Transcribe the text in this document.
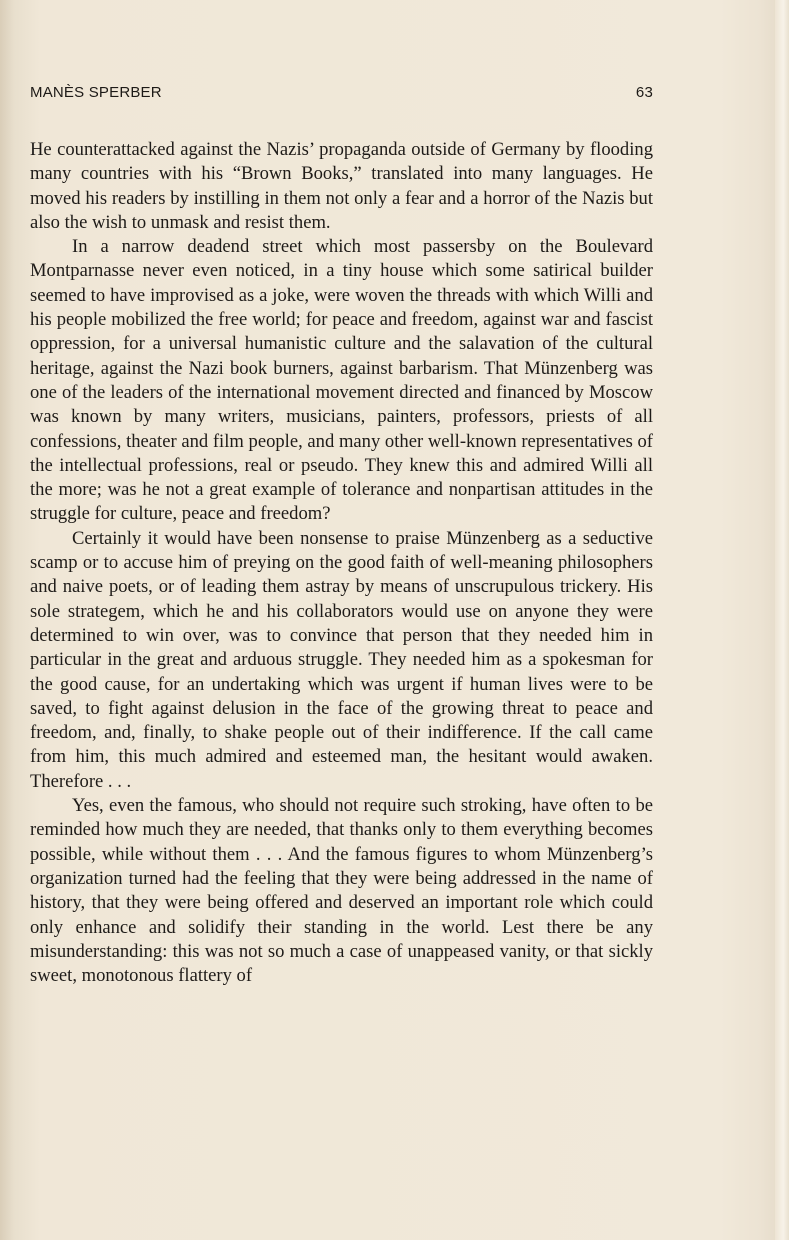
MANÈS SPERBER	63

He counterattacked against the Nazis’ propaganda outside of Germany by flooding many countries with his “Brown Books,” translated into many languages. He moved his readers by instilling in them not only a fear and a horror of the Nazis but also the wish to unmask and resist them.

In a narrow deadend street which most passersby on the Boulevard Montparnasse never even noticed, in a tiny house which some satirical builder seemed to have improvised as a joke, were woven the threads with which Willi and his people mobilized the free world; for peace and freedom, against war and fascist oppression, for a universal humanistic culture and the salavation of the cultural heritage, against the Nazi book burners, against barbarism. That Münzenberg was one of the leaders of the international movement directed and financed by Moscow was known by many writers, musicians, painters, professors, priests of all confessions, theater and film people, and many other well-known representatives of the intellectual professions, real or pseudo. They knew this and admired Willi all the more; was he not a great example of tolerance and nonpartisan attitudes in the struggle for culture, peace and freedom?

Certainly it would have been nonsense to praise Münzenberg as a seductive scamp or to accuse him of preying on the good faith of well-meaning philosophers and naive poets, or of leading them astray by means of unscrupulous trickery. His sole strategem, which he and his collaborators would use on anyone they were determined to win over, was to convince that person that they needed him in particular in the great and arduous struggle. They needed him as a spokesman for the good cause, for an undertaking which was urgent if human lives were to be saved, to fight against delusion in the face of the growing threat to peace and freedom, and, finally, to shake people out of their indifference. If the call came from him, this much admired and esteemed man, the hesitant would awaken. Therefore . . .

Yes, even the famous, who should not require such stroking, have often to be reminded how much they are needed, that thanks only to them everything becomes possible, while without them . . . And the famous figures to whom Münzenberg’s organization turned had the feeling that they were being addressed in the name of history, that they were being offered and deserved an important role which could only enhance and solidify their standing in the world. Lest there be any misunderstanding: this was not so much a case of unappeased vanity, or that sickly sweet, monotonous flattery of
